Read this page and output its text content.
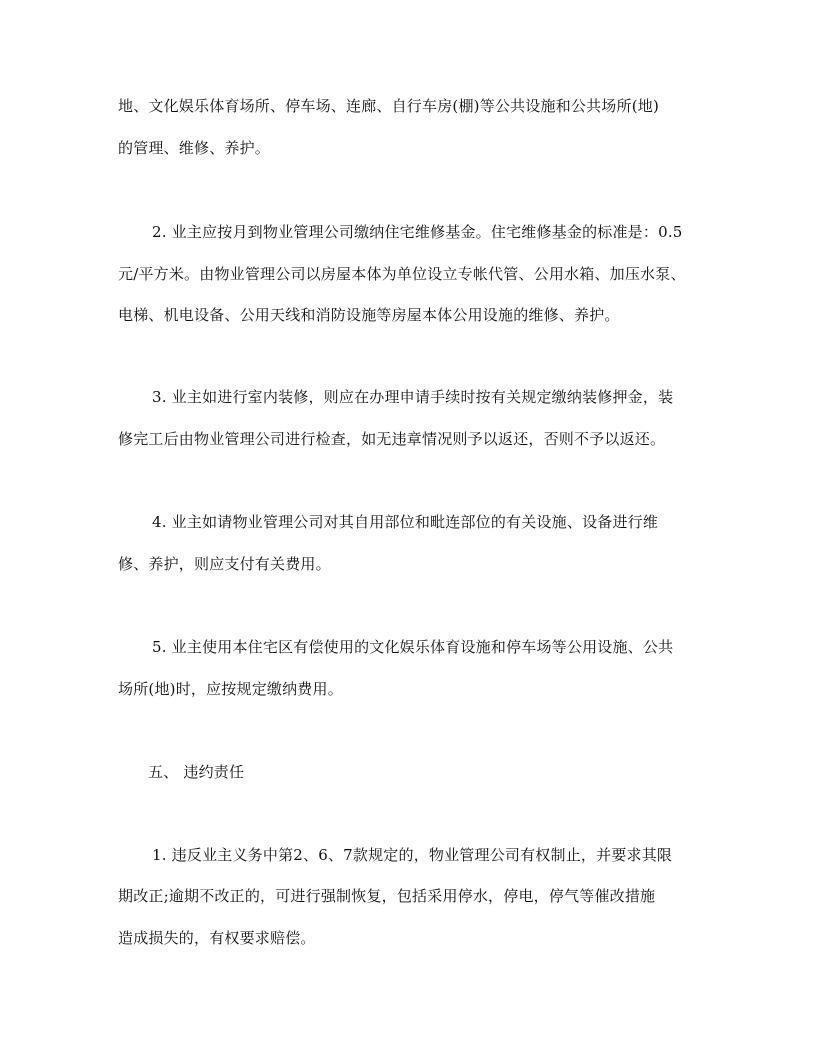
地、文化娱乐体育场所、停车场、连廊、自行车房(棚)等公共设施和公共场所(地)
的管理、维修、养护。
2. 业主应按月到物业管理公司缴纳住宅维修基金。住宅维修基金的标准是：0.5
元/平方米。由物业管理公司以房屋本体为单位设立专帐代管、公用水箱、加压水泵、
电梯、机电设备、公用天线和消防设施等房屋本体公用设施的维修、养护。
3. 业主如进行室内装修，则应在办理申请手续时按有关规定缴纳装修押金，装
修完工后由物业管理公司进行检查，如无违章情况则予以返还，否则不予以返还。
4. 业主如请物业管理公司对其自用部位和毗连部位的有关设施、设备进行维
修、养护，则应支付有关费用。
5. 业主使用本住宅区有偿使用的文化娱乐体育设施和停车场等公用设施、公共
场所(地)时，应按规定缴纳费用。
五、 违约责任
1. 违反业主义务中第2、6、7款规定的，物业管理公司有权制止，并要求其限
期改正;逾期不改正的，可进行强制恢复，包括采用停水，停电，停气等催改措施
造成损失的，有权要求赔偿。
